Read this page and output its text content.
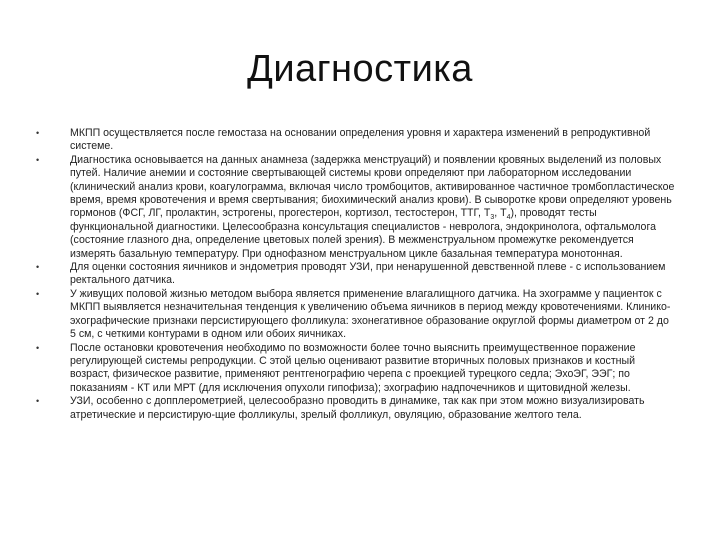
Диагностика
•	МКПП осуществляется после гемостаза на основании определения уровня и характера изменений в репродуктивной системе.
•	Диагностика основывается на данных анамнеза (задержка менструаций) и появлении кровяных выделений из половых путей. Наличие анемии и состояние свертывающей системы крови определяют при лабораторном исследовании (клинический анализ крови, коагулограмма, включая число тромбоцитов, активированное частичное тромбопластическое время, время кровотечения и время свертывания; биохимический анализ крови). В сыворотке крови определяют уровень гормонов (ФСГ, ЛГ, пролактин, эстрогены, прогестерон, кортизол, тестостерон, ТТГ, $Т_3$, $Т_4$), проводят тесты функциональной диагностики. Целесообразна консультация специалистов - невролога, эндокринолога, офтальмолога (состояние глазного дна, определение цветовых полей зрения). В межменструальном промежутке рекомендуется измерять базальную температуру. При однофазном менструальном цикле базальная температура монотонная.
•	Для оценки состояния яичников и эндометрия проводят УЗИ, при ненарушенной девственной плеве - с использованием ректального датчика.
•	У живущих половой жизнью методом выбора является применение влагалищного датчика. На эхограмме у пациенток с МКПП выявляется незначительная тенденция к увеличению объема яичников в период между кровотечениями. Клинико-эхографические признаки персистирующего фолликула: эхонегативное образование округлой формы диаметром от 2 до 5 см, с четкими контурами в одном или обоих яичниках.
•	После остановки кровотечения необходимо по возможности более точно выяснить преимущественное поражение регулирующей системы репродукции. С этой целью оценивают развитие вторичных половых признаков и костный возраст, физическое развитие, применяют рентгенографию черепа с проекцией турецкого седла; ЭхоЭГ, ЭЭГ; по показаниям - КТ или МРТ (для исключения опухоли гипофиза); эхографию надпочечников и щитовидной железы.
•	УЗИ, особенно с допплерометрией, целесообразно проводить в динамике, так как при этом можно визуализировать атретические и персистирую-щие фолликулы, зрелый фолликул, овуляцию, образование желтого тела.
